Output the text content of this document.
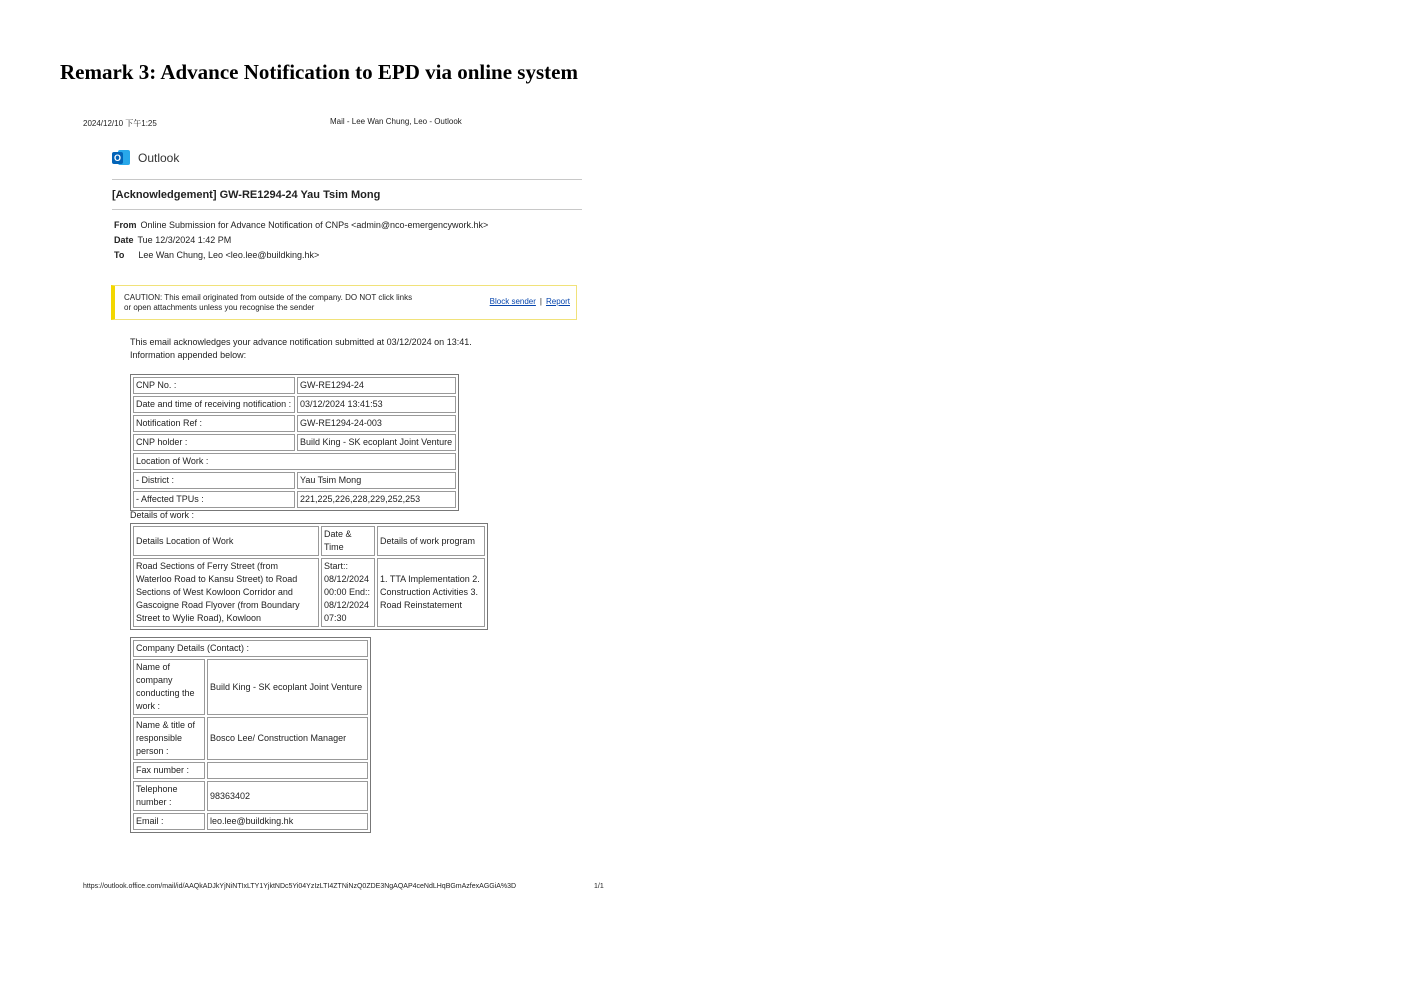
Remark 3: Advance Notification to EPD via online system
2024/12/10 下午1:25	Mail - Lee Wan Chung, Leo - Outlook
O Outlook
[Acknowledgement] GW-RE1294-24 Yau Tsim Mong
From Online Submission for Advance Notification of CNPs <admin@nco-emergencywork.hk>
Date Tue 12/3/2024 1:42 PM
To Lee Wan Chung, Leo <leo.lee@buildking.hk>
CAUTION: This email originated from outside of the company. DO NOT click links
or open attachments unless you recognise the sender
Block sender | Report
This email acknowledges your advance notification submitted at 03/12/2024 on 13:41.
Information appended below:
CNP No. :	GW-RE1294-24
Date and time of receiving notification :	03/12/2024 13:41:53
Notification Ref :	GW-RE1294-24-003
CNP holder :	Build King - SK ecoplant Joint Venture
Location of Work :	
- District :	Yau Tsim Mong
- Affected TPUs :	221,225,226,228,229,252,253
Details of work :
Details Location of Work	Date & Time	Details of work program
Road Sections of Ferry Street (from Waterloo Road to Kansu Street) to Road Sections of West Kowloon Corridor and Gascoigne Road Flyover (from Boundary Street to Wylie Road), Kowloon	Start:: 08/12/2024 00:00 End:: 08/12/2024 07:30	1. TTA Implementation 2. Construction Activities 3. Road Reinstatement
Company Details (Contact) :	
Name of company conducting the work :	Build King - SK ecoplant Joint Venture
Name & title of responsible person :	Bosco Lee/ Construction Manager
Fax number :	
Telephone number :	98363402
Email :	leo.lee@buildking.hk
https://outlook.office.com/mail/id/AAQkADJkYjNiNTIxLTY1YjktNDc5Yi04YzIzLTI4ZTNiNzQ0ZDE3NgAQAP4ceNdLHqBGmAzfexAGGiA%3D	1/1
